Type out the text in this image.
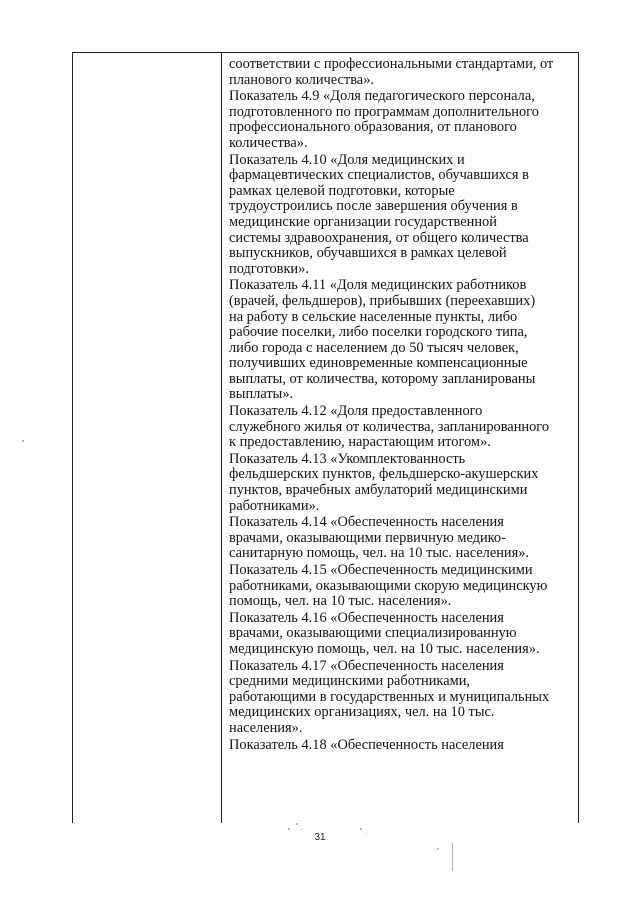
соответствии с профессиональными стандартами, от
планового количества».

Показатель 4.9 «Доля педагогического персонала,
подготовленного по программам дополнительного
профессионального образования, от планового
количества».

Показатель 4.10 «Доля медицинских и
фармацевтических специалистов, обучавшихся в
рамках целевой подготовки, которые
трудоустроились после завершения обучения в
медицинские организации государственной
системы здравоохранения, от общего количества
выпускников, обучавшихся в рамках целевой
подготовки».

Показатель 4.11 «Доля медицинских работников
(врачей, фельдшеров), прибывших (переехавших)
на работу в сельские населенные пункты, либо
рабочие поселки, либо поселки городского типа,
либо города с населением до 50 тысяч человек,
получивших единовременные компенсационные
выплаты, от количества, которому запланированы
выплаты».

Показатель 4.12 «Доля предоставленного
служебного жилья от количества, запланированного
к предоставлению, нарастающим итогом».

Показатель 4.13 «Укомплектованность
фельдшерских пунктов, фельдшерско-акушерских
пунктов, врачебных амбулаторий медицинскими
работниками».

Показатель 4.14 «Обеспеченность населения
врачами, оказывающими первичную медико-
санитарную помощь, чел. на 10 тыс. населения».

Показатель 4.15 «Обеспеченность медицинскими
работниками, оказывающими скорую медицинскую
помощь, чел. на 10 тыс. населения».

Показатель 4.16 «Обеспеченность населения
врачами, оказывающими специализированную
медицинскую помощь, чел. на 10 тыс. населения».

Показатель 4.17 «Обеспеченность населения
средними медицинскими работниками,
работающими в государственных и муниципальных
медицинских организациях, чел. на 10 тыс.
населения».

Показатель 4.18 «Обеспеченность населения

31
